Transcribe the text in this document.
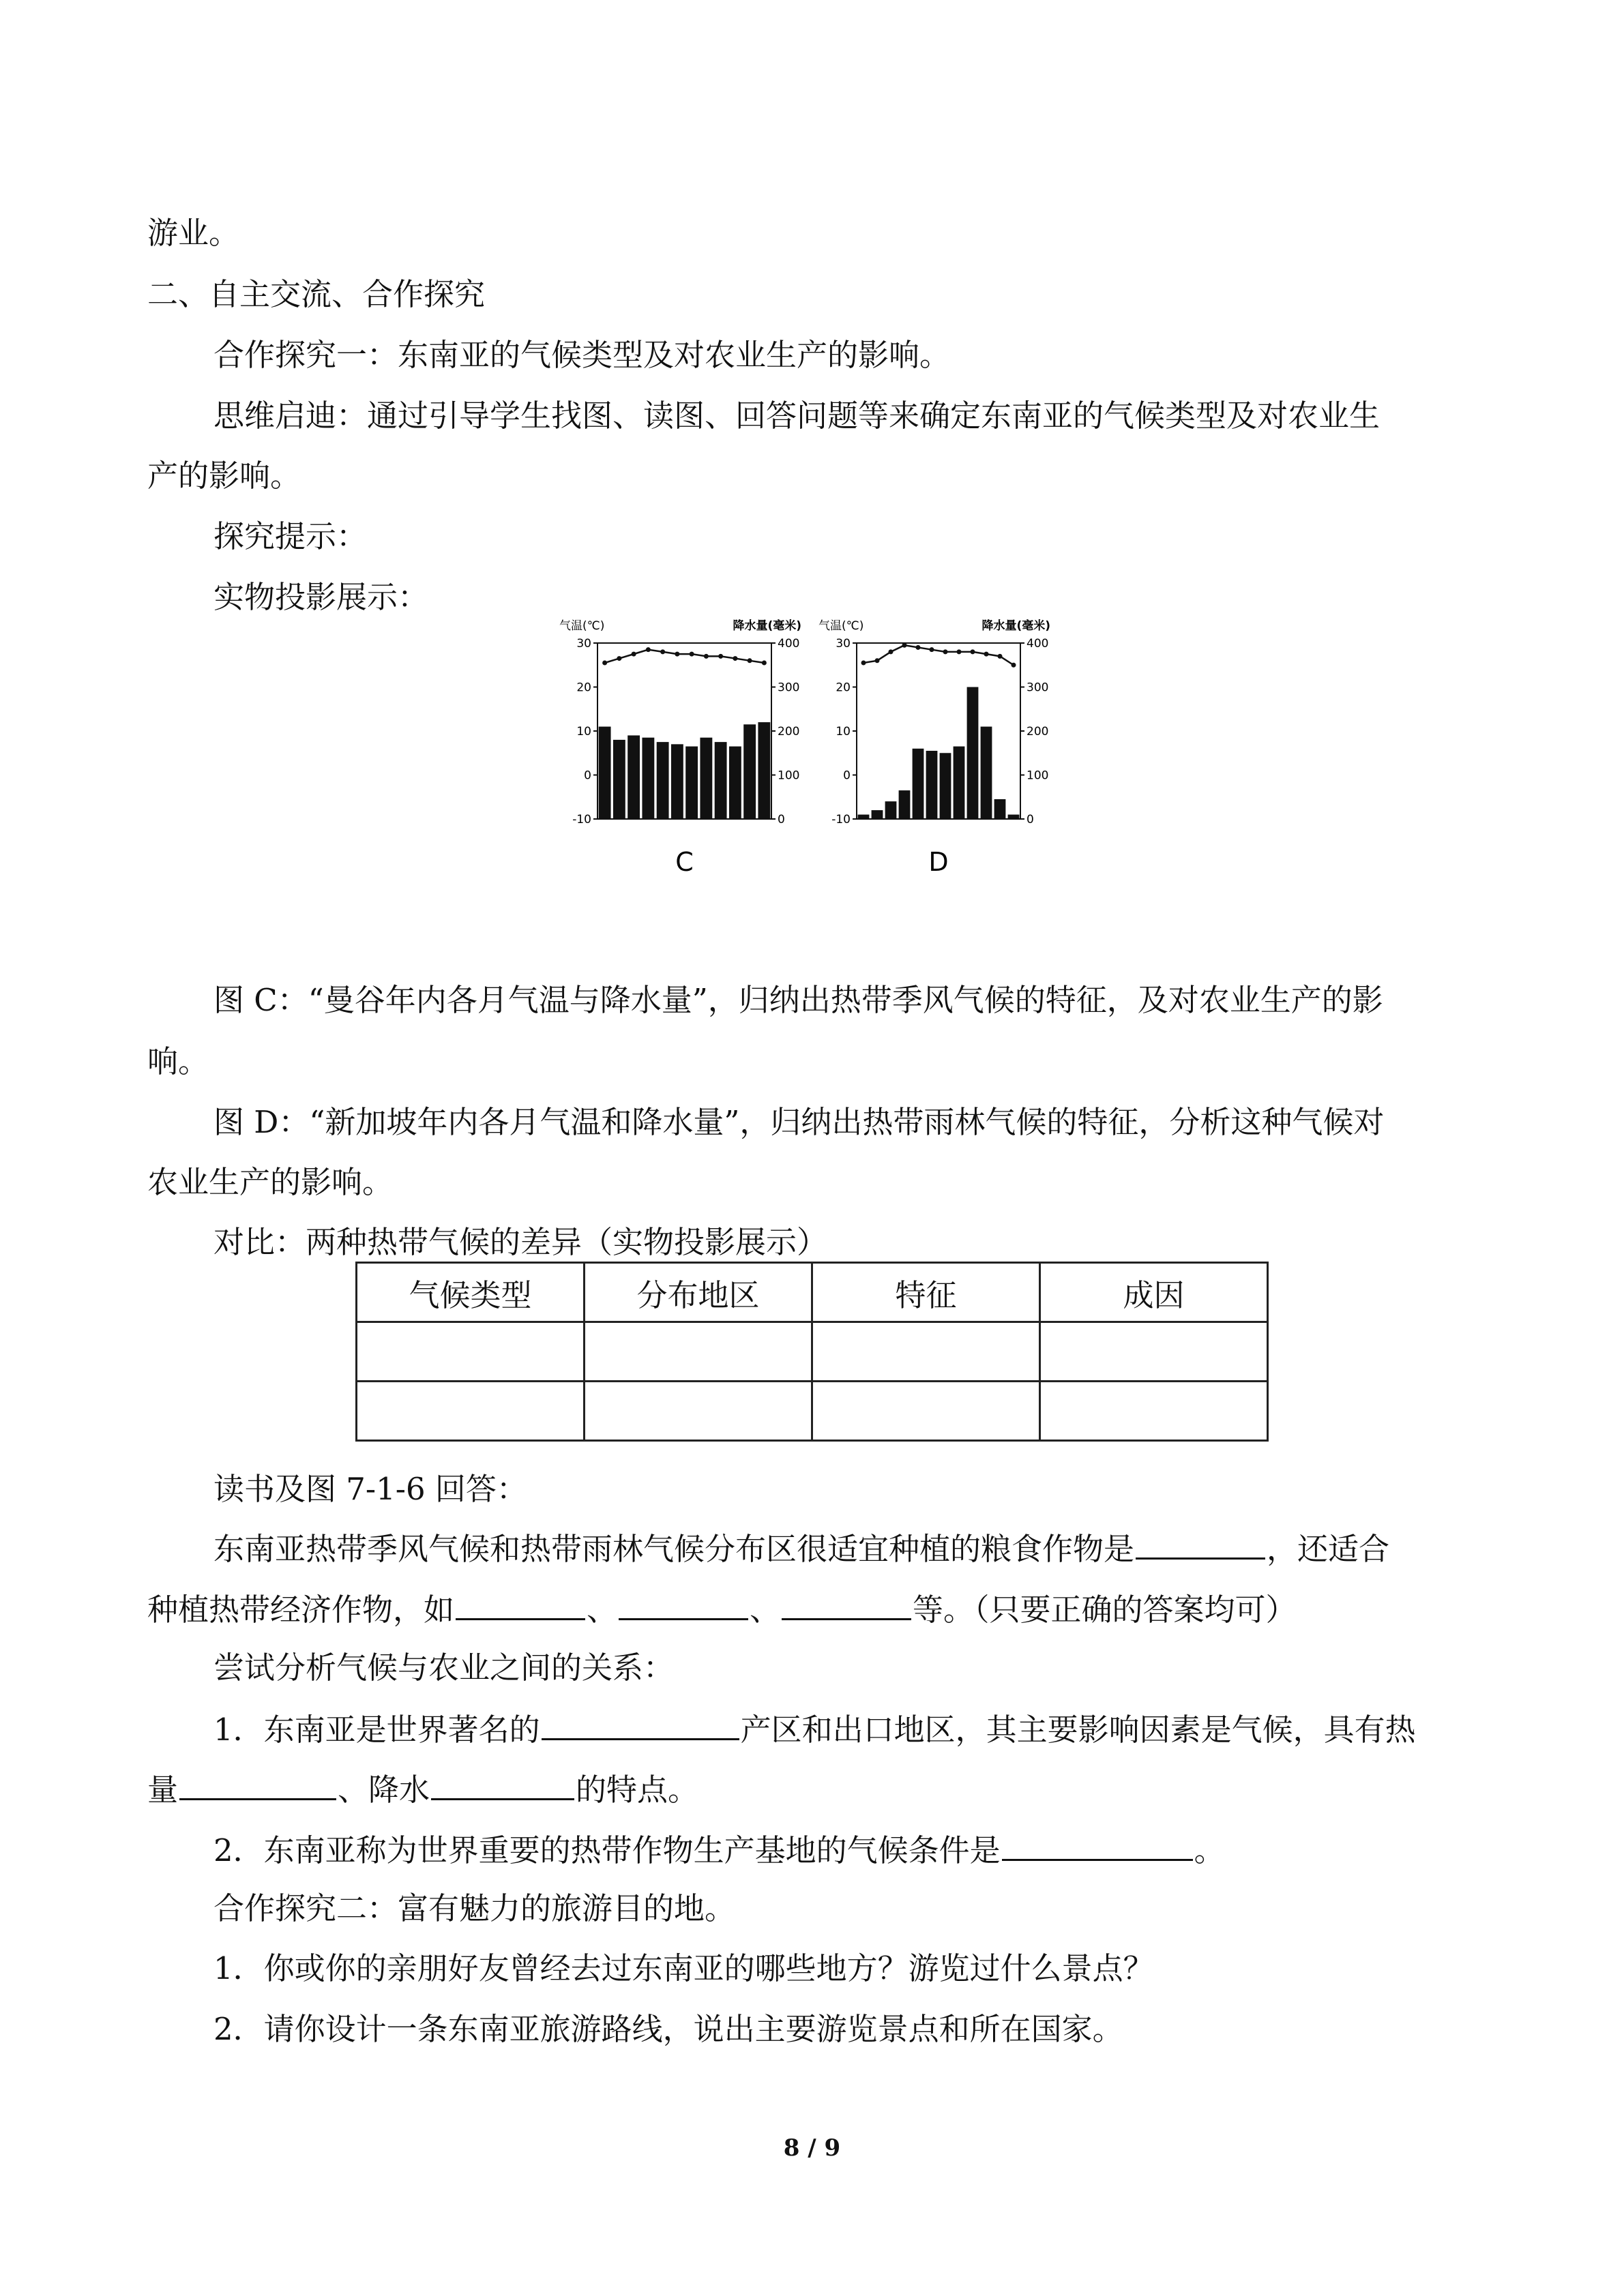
游业。
二、自主交流、合作探究
合作探究一：东南亚的气候类型及对农业生产的影响。
思维启迪：通过引导学生找图、读图、回答问题等来确定东南亚的气候类型及对农业生
产的影响。
探究提示：
实物投影展示：
气温(℃)	降水量(毫米)
30
20
10
0
-10
400
300
200
100
0
C
气温(℃)	降水量(毫米)
30
20
10
0
-10
400
300
200
100
0
D
图 C：“曼谷年内各月气温与降水量”，归纳出热带季风气候的特征，及对农业生产的影
响。
图 D：“新加坡年内各月气温和降水量”，归纳出热带雨林气候的特征，分析这种气候对
农业生产的影响。
对比：两种热带气候的差异（实物投影展示）
气候类型	分布地区	特征	成因

读书及图 7-1-6 回答：
东南亚热带季风气候和热带雨林气候分布区很适宜种植的粮食作物是	，还适合
种植热带经济作物，如	、	、	等。（只要正确的答案均可）
尝试分析气候与农业之间的关系：
1．东南亚是世界著名的	产区和出口地区，其主要影响因素是气候，具有热
量	、降水	的特点。
2．东南亚称为世界重要的热带作物生产基地的气候条件是	。
合作探究二：富有魅力的旅游目的地。
1．你或你的亲朋好友曾经去过东南亚的哪些地方？游览过什么景点？
2．请你设计一条东南亚旅游路线，说出主要游览景点和所在国家。
8 / 9
